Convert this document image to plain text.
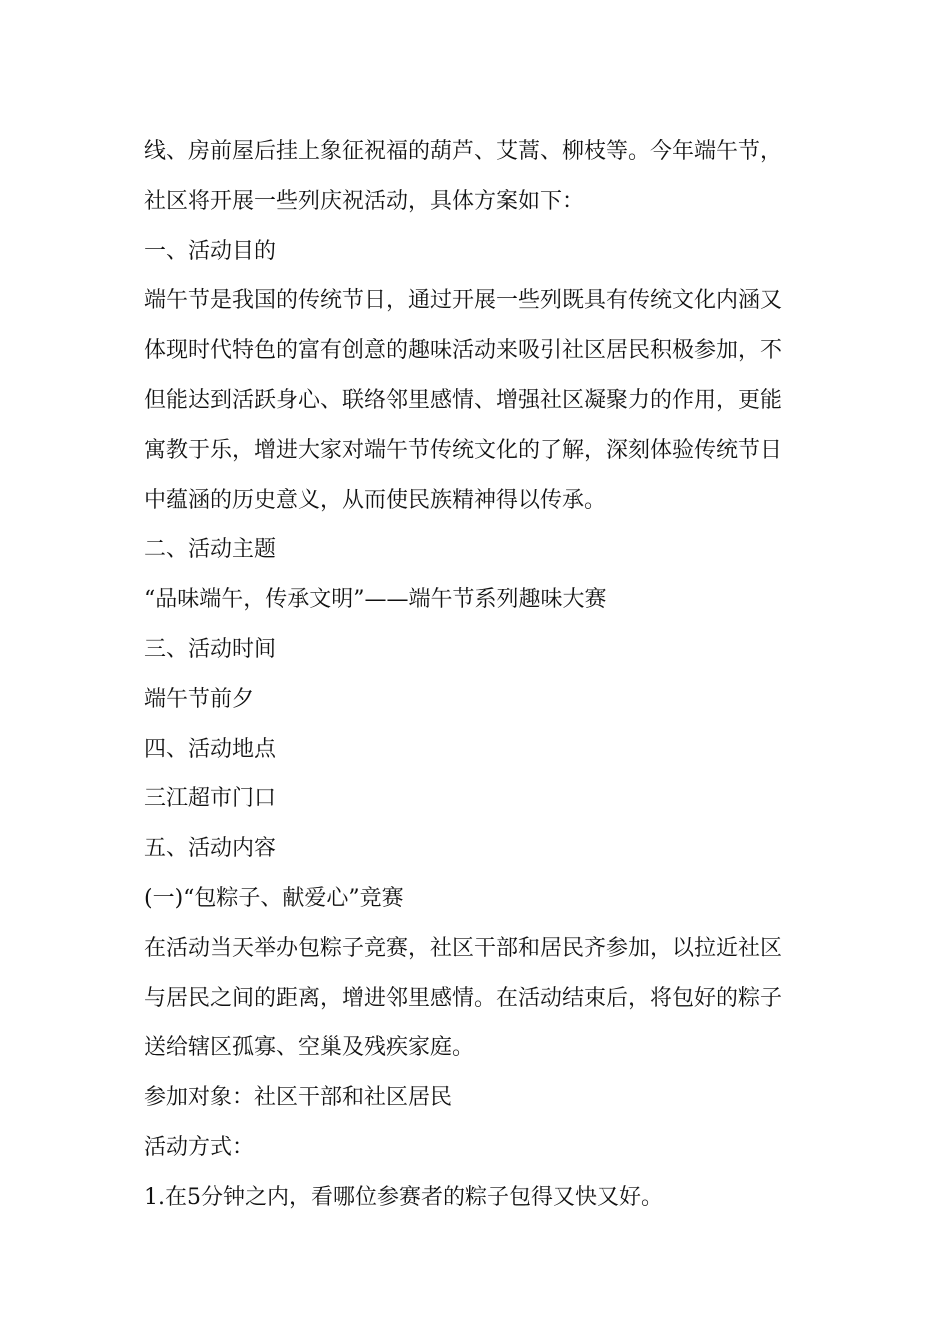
线、房前屋后挂上象征祝福的葫芦、艾蒿、柳枝等。今年端午节，
社区将开展一些列庆祝活动，具体方案如下：
一、活动目的
端午节是我国的传统节日，通过开展一些列既具有传统文化内涵又
体现时代特色的富有创意的趣味活动来吸引社区居民积极参加，不
但能达到活跃身心、联络邻里感情、增强社区凝聚力的作用，更能
寓教于乐，增进大家对端午节传统文化的了解，深刻体验传统节日
中蕴涵的历史意义，从而使民族精神得以传承。
二、活动主题
“品味端午，传承文明”——端午节系列趣味大赛
三、活动时间
端午节前夕
四、活动地点
三江超市门口
五、活动内容
(一)“包粽子、献爱心”竞赛
在活动当天举办包粽子竞赛，社区干部和居民齐参加，以拉近社区
与居民之间的距离，增进邻里感情。在活动结束后，将包好的粽子
送给辖区孤寡、空巢及残疾家庭。
参加对象：社区干部和社区居民
活动方式：
1.在5分钟之内，看哪位参赛者的粽子包得又快又好。
